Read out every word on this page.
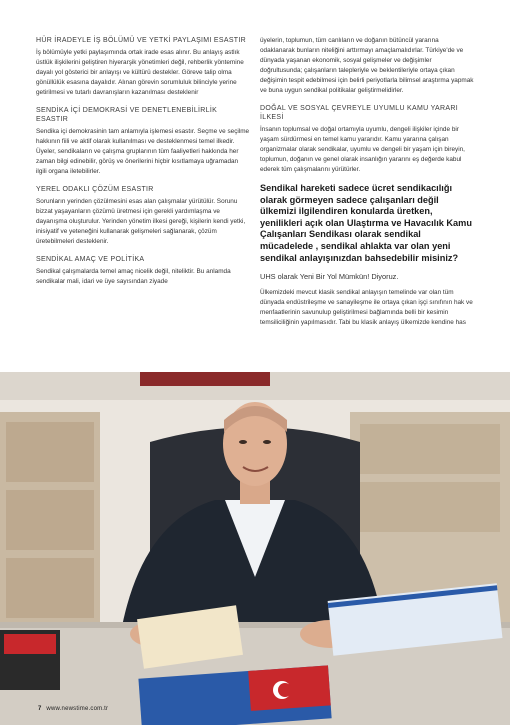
HÜR İRADEYLE İŞ BÖLÜMÜ VE YETKİ PAYLAŞIMI ESASTIR

İş bölümüyle yetki paylaşımında ortak irade esas alınır. Bu anlayış astlık üstlük ilişkilerini geliştiren hiyerarşik yönetimleri değil, rehberlik yöntemine dayalı yol gösterici bir anlayışı ve kültürü destekler. Göreve talip olma gönüllülük esasına dayalıdır. Alınan görevin sorumluluk bilinciyle yerine getirilmesi ve tutarlı davranışların kazanılması desteklenir

SENDİKA İÇİ DEMOKRASİ VE DENETLENEBİLİRLİK ESASTIR

Sendika içi demokrasinin tam anlamıyla işlemesi esastır. Seçme ve seçilme hakkının fiili ve aktif olarak kullanılması ve desteklenmesi temel ilkedir. Üyeler, sendikaların ve çalışma gruplarının tüm faaliyetleri hakkında her zaman bilgi edinebilir, görüş ve önerilerini hiçbir kısıtlamaya uğramadan ilgili organa iletebilirler.

YEREL ODAKLI ÇÖZÜM ESASTIR

Sorunların yerinden çözülmesini esas alan çalışmalar yürütülür. Sorunu bizzat yaşayanların çözümü üretmesi için gerekli yardımlaşma ve dayanışma oluşturulur. Yerinden yönetim ilkesi gereği, kişilerin kendi yetki, inisiyatif ve yeteneğini kullanarak gelişmeleri sağlanarak, çözüm üretebilmeleri desteklenir.

SENDİKAL AMAÇ VE POLİTİKA

Sendikal çalışmalarda temel amaç nicelik değil, niteliktir. Bu anlamda sendikalar mali, idari ve üye sayısından ziyade

üyelerin, toplumun, tüm canlıların ve doğanın bütüncül yararına odaklanarak bunların niteliğini arttırmayı amaçlamalıdırlar. Türkiye'de ve dünyada yaşanan ekonomik, sosyal gelişmeler ve değişimler doğrultusunda; çalışanların talepleriyle ve beklentileriyle ortaya çıkan değişimin tespit edebilmesi için belirli periyotlarla bilimsel araştırma yapmak ve buna uygun sendikal politikalar geliştirmelidirler.

DOĞAL VE SOSYAL ÇEVREYLE UYUMLU KAMU YARARI İLKESİ

İnsanın toplumsal ve doğal ortamıyla uyumlu, dengeli ilişkiler içinde bir yaşam sürdürmesi en temel kamu yararıdır. Kamu yararına çalışan organizmalar olarak sendikalar, uyumlu ve dengeli bir yaşam için bireyin, toplumun, doğanın ve genel olarak insanlığın yararını eş değerde kabul ederek tüm çalışmalarını yürütürler.

Sendikal hareketi sadece ücret sendikacılığı olarak görmeyen sadece çalışanları değil ülkemizi ilgilendiren konularda üretken, yenilikleri açık olan Ulaştırma ve Havacılık Kamu Çalışanları Sendikası olarak sendikal mücadelede , sendikal ahlakta var olan yeni sendikal anlayışınızdan bahsedebilir misiniz?

UHS olarak Yeni Bir Yol Mümkün! Diyoruz.

Ülkemizdeki mevcut klasik sendikal anlayışın temelinde var olan tüm dünyada endüstrileşme ve sanayileşme ile ortaya çıkan işçi sınıfının hak ve menfaatlerinin savunulup geliştirilmesi bağlamında belli bir kesimin temsiliciliğinin yapılmasıdır. Tabi bu klasik anlayış ülkemizde kendine has

7 www.newstime.com.tr
